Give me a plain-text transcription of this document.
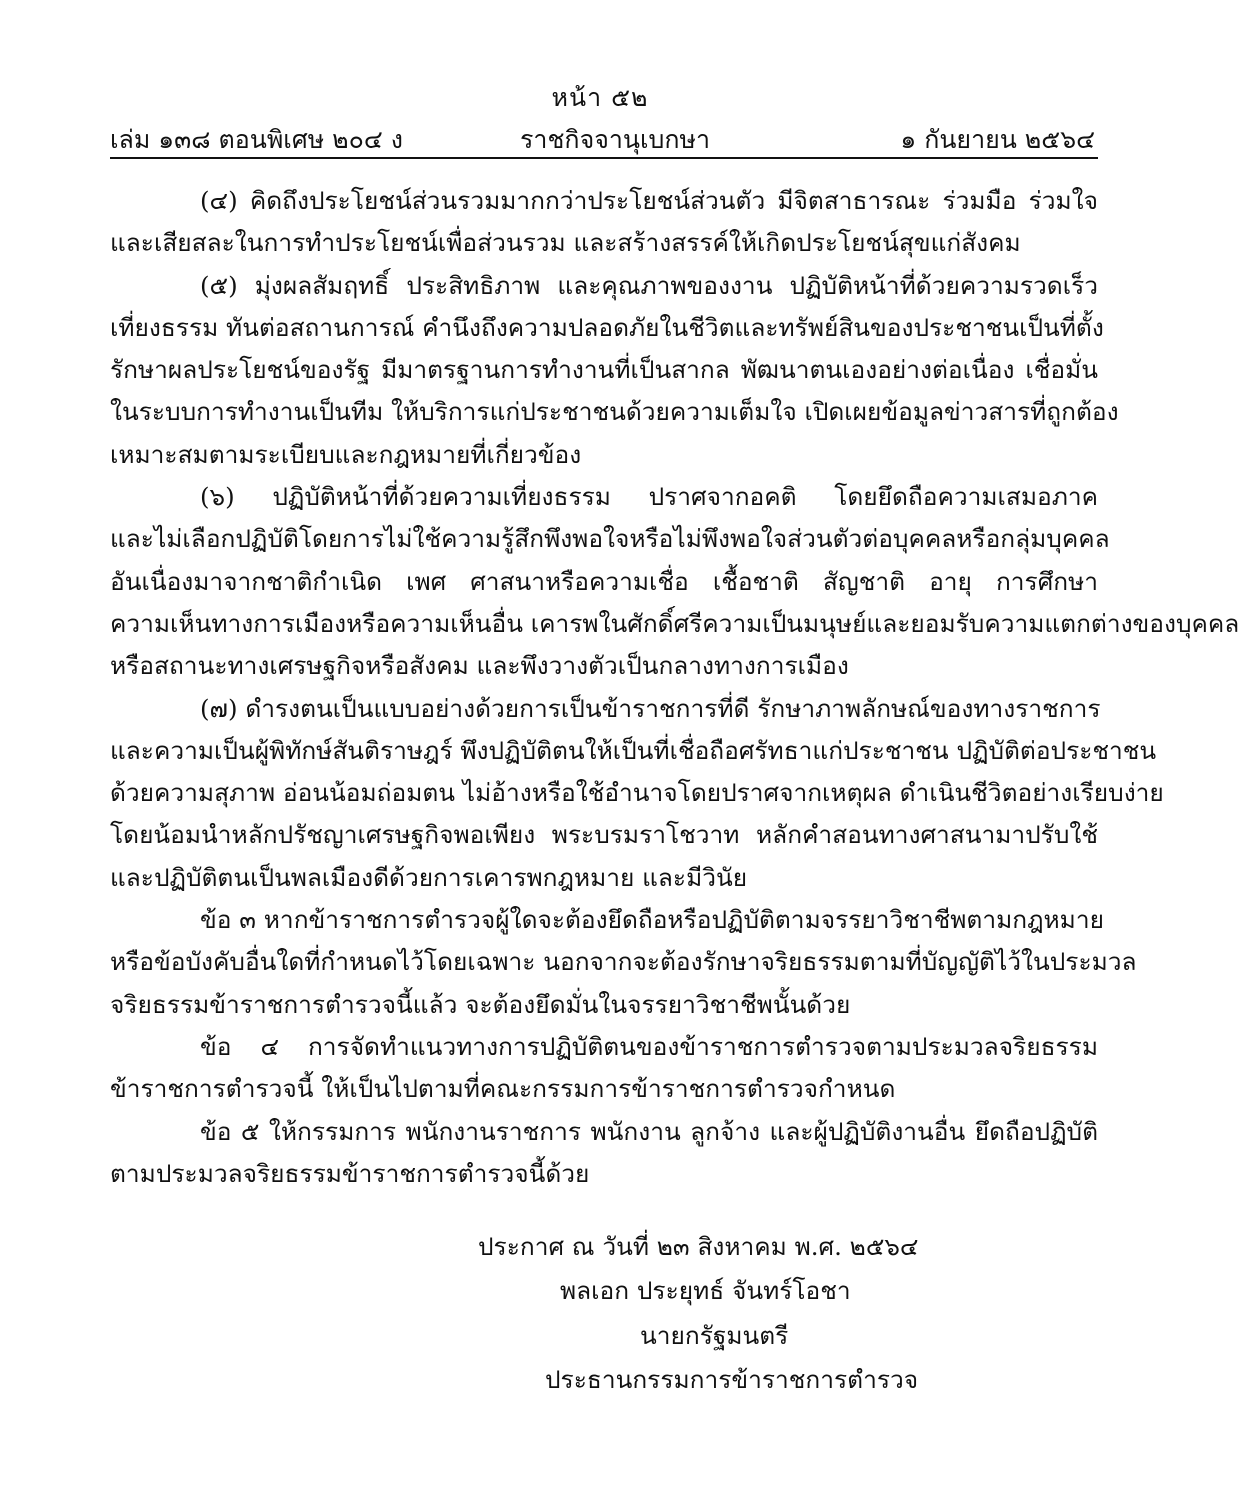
หน้า ๕๒
เล่ม ๑๓๘ ตอนพิเศษ ๒๐๔ ง	ราชกิจจานุเบกษา	๑ กันยายน ๒๕๖๔
(๔) คิดถึงประโยชน์ส่วนรวมมากกว่าประโยชน์ส่วนตัว มีจิตสาธารณะ ร่วมมือ ร่วมใจ
และเสียสละในการทำประโยชน์เพื่อส่วนรวม และสร้างสรรค์ให้เกิดประโยชน์สุขแก่สังคม
(๕) มุ่งผลสัมฤทธิ์ ประสิทธิภาพ และคุณภาพของงาน ปฏิบัติหน้าที่ด้วยความรวดเร็ว
เที่ยงธรรม ทันต่อสถานการณ์ คำนึงถึงความปลอดภัยในชีวิตและทรัพย์สินของประชาชนเป็นที่ตั้ง
รักษาผลประโยชน์ของรัฐ มีมาตรฐานการทำงานที่เป็นสากล พัฒนาตนเองอย่างต่อเนื่อง เชื่อมั่น
ในระบบการทำงานเป็นทีม ให้บริการแก่ประชาชนด้วยความเต็มใจ เปิดเผยข้อมูลข่าวสารที่ถูกต้อง
เหมาะสมตามระเบียบและกฎหมายที่เกี่ยวข้อง
(๖) ปฏิบัติหน้าที่ด้วยความเที่ยงธรรม ปราศจากอคติ โดยยึดถือความเสมอภาค
และไม่เลือกปฏิบัติโดยการไม่ใช้ความรู้สึกพึงพอใจหรือไม่พึงพอใจส่วนตัวต่อบุคคลหรือกลุ่มบุคคล
อันเนื่องมาจากชาติกำเนิด เพศ ศาสนาหรือความเชื่อ เชื้อชาติ สัญชาติ อายุ การศึกษา
ความเห็นทางการเมืองหรือความเห็นอื่น เคารพในศักดิ์ศรีความเป็นมนุษย์และยอมรับความแตกต่างของบุคคล
หรือสถานะทางเศรษฐกิจหรือสังคม และพึงวางตัวเป็นกลางทางการเมือง
(๗) ดำรงตนเป็นแบบอย่างด้วยการเป็นข้าราชการที่ดี รักษาภาพลักษณ์ของทางราชการ
และความเป็นผู้พิทักษ์สันติราษฎร์ พึงปฏิบัติตนให้เป็นที่เชื่อถือศรัทธาแก่ประชาชน ปฏิบัติต่อประชาชน
ด้วยความสุภาพ อ่อนน้อมถ่อมตน ไม่อ้างหรือใช้อำนาจโดยปราศจากเหตุผล ดำเนินชีวิตอย่างเรียบง่าย
โดยน้อมนำหลักปรัชญาเศรษฐกิจพอเพียง พระบรมราโชวาท หลักคำสอนทางศาสนามาปรับใช้
และปฏิบัติตนเป็นพลเมืองดีด้วยการเคารพกฎหมาย และมีวินัย
ข้อ ๓ หากข้าราชการตำรวจผู้ใดจะต้องยึดถือหรือปฏิบัติตามจรรยาวิชาชีพตามกฎหมาย
หรือข้อบังคับอื่นใดที่กำหนดไว้โดยเฉพาะ นอกจากจะต้องรักษาจริยธรรมตามที่บัญญัติไว้ในประมวล
จริยธรรมข้าราชการตำรวจนี้แล้ว จะต้องยึดมั่นในจรรยาวิชาชีพนั้นด้วย
ข้อ ๔ การจัดทำแนวทางการปฏิบัติตนของข้าราชการตำรวจตามประมวลจริยธรรม
ข้าราชการตำรวจนี้ ให้เป็นไปตามที่คณะกรรมการข้าราชการตำรวจกำหนด
ข้อ ๕ ให้กรรมการ พนักงานราชการ พนักงาน ลูกจ้าง และผู้ปฏิบัติงานอื่น ยึดถือปฏิบัติ
ตามประมวลจริยธรรมข้าราชการตำรวจนี้ด้วย
ประกาศ ณ วันที่ ๒๓ สิงหาคม พ.ศ. ๒๕๖๔
พลเอก ประยุทธ์ จันทร์โอชา
นายกรัฐมนตรี
ประธานกรรมการข้าราชการตำรวจ
